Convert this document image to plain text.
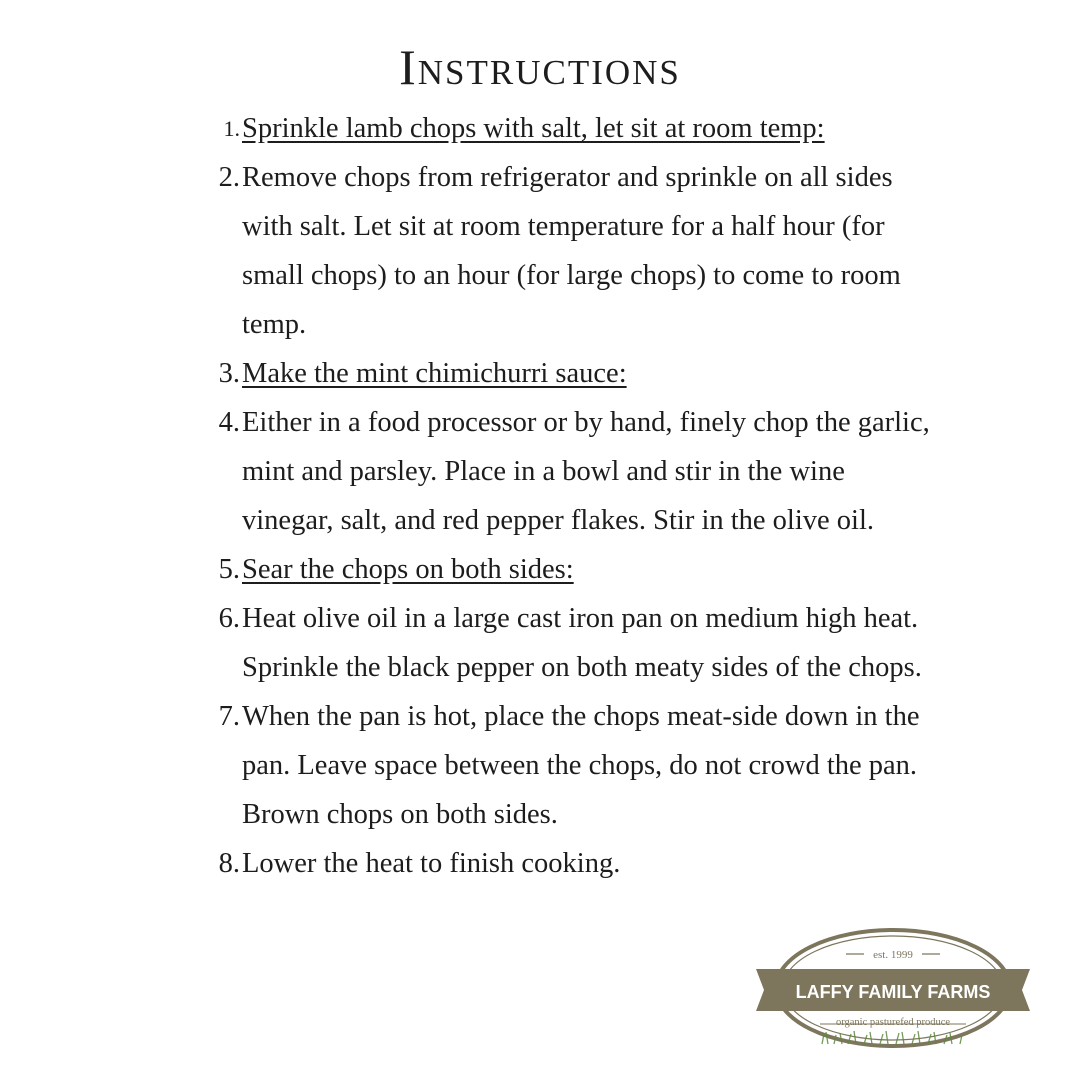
Instructions
1. Sprinkle lamb chops with salt, let sit at room temp:
2. Remove chops from refrigerator and sprinkle on all sides with salt. Let sit at room temperature for a half hour (for small chops) to an hour (for large chops) to come to room temp.
3. Make the mint chimichurri sauce:
4. Either in a food processor or by hand, finely chop the garlic, mint and parsley. Place in a bowl and stir in the wine vinegar, salt, and red pepper flakes. Stir in the olive oil.
5. Sear the chops on both sides:
6. Heat olive oil in a large cast iron pan on medium high heat. Sprinkle the black pepper on both meaty sides of the chops.
7. When the pan is hot, place the chops meat-side down in the pan. Leave space between the chops, do not crowd the pan. Brown chops on both sides.
8. Lower the heat to finish cooking.
est. 1999
LAFFY FAMILY FARMS
organic pasturefed produce
